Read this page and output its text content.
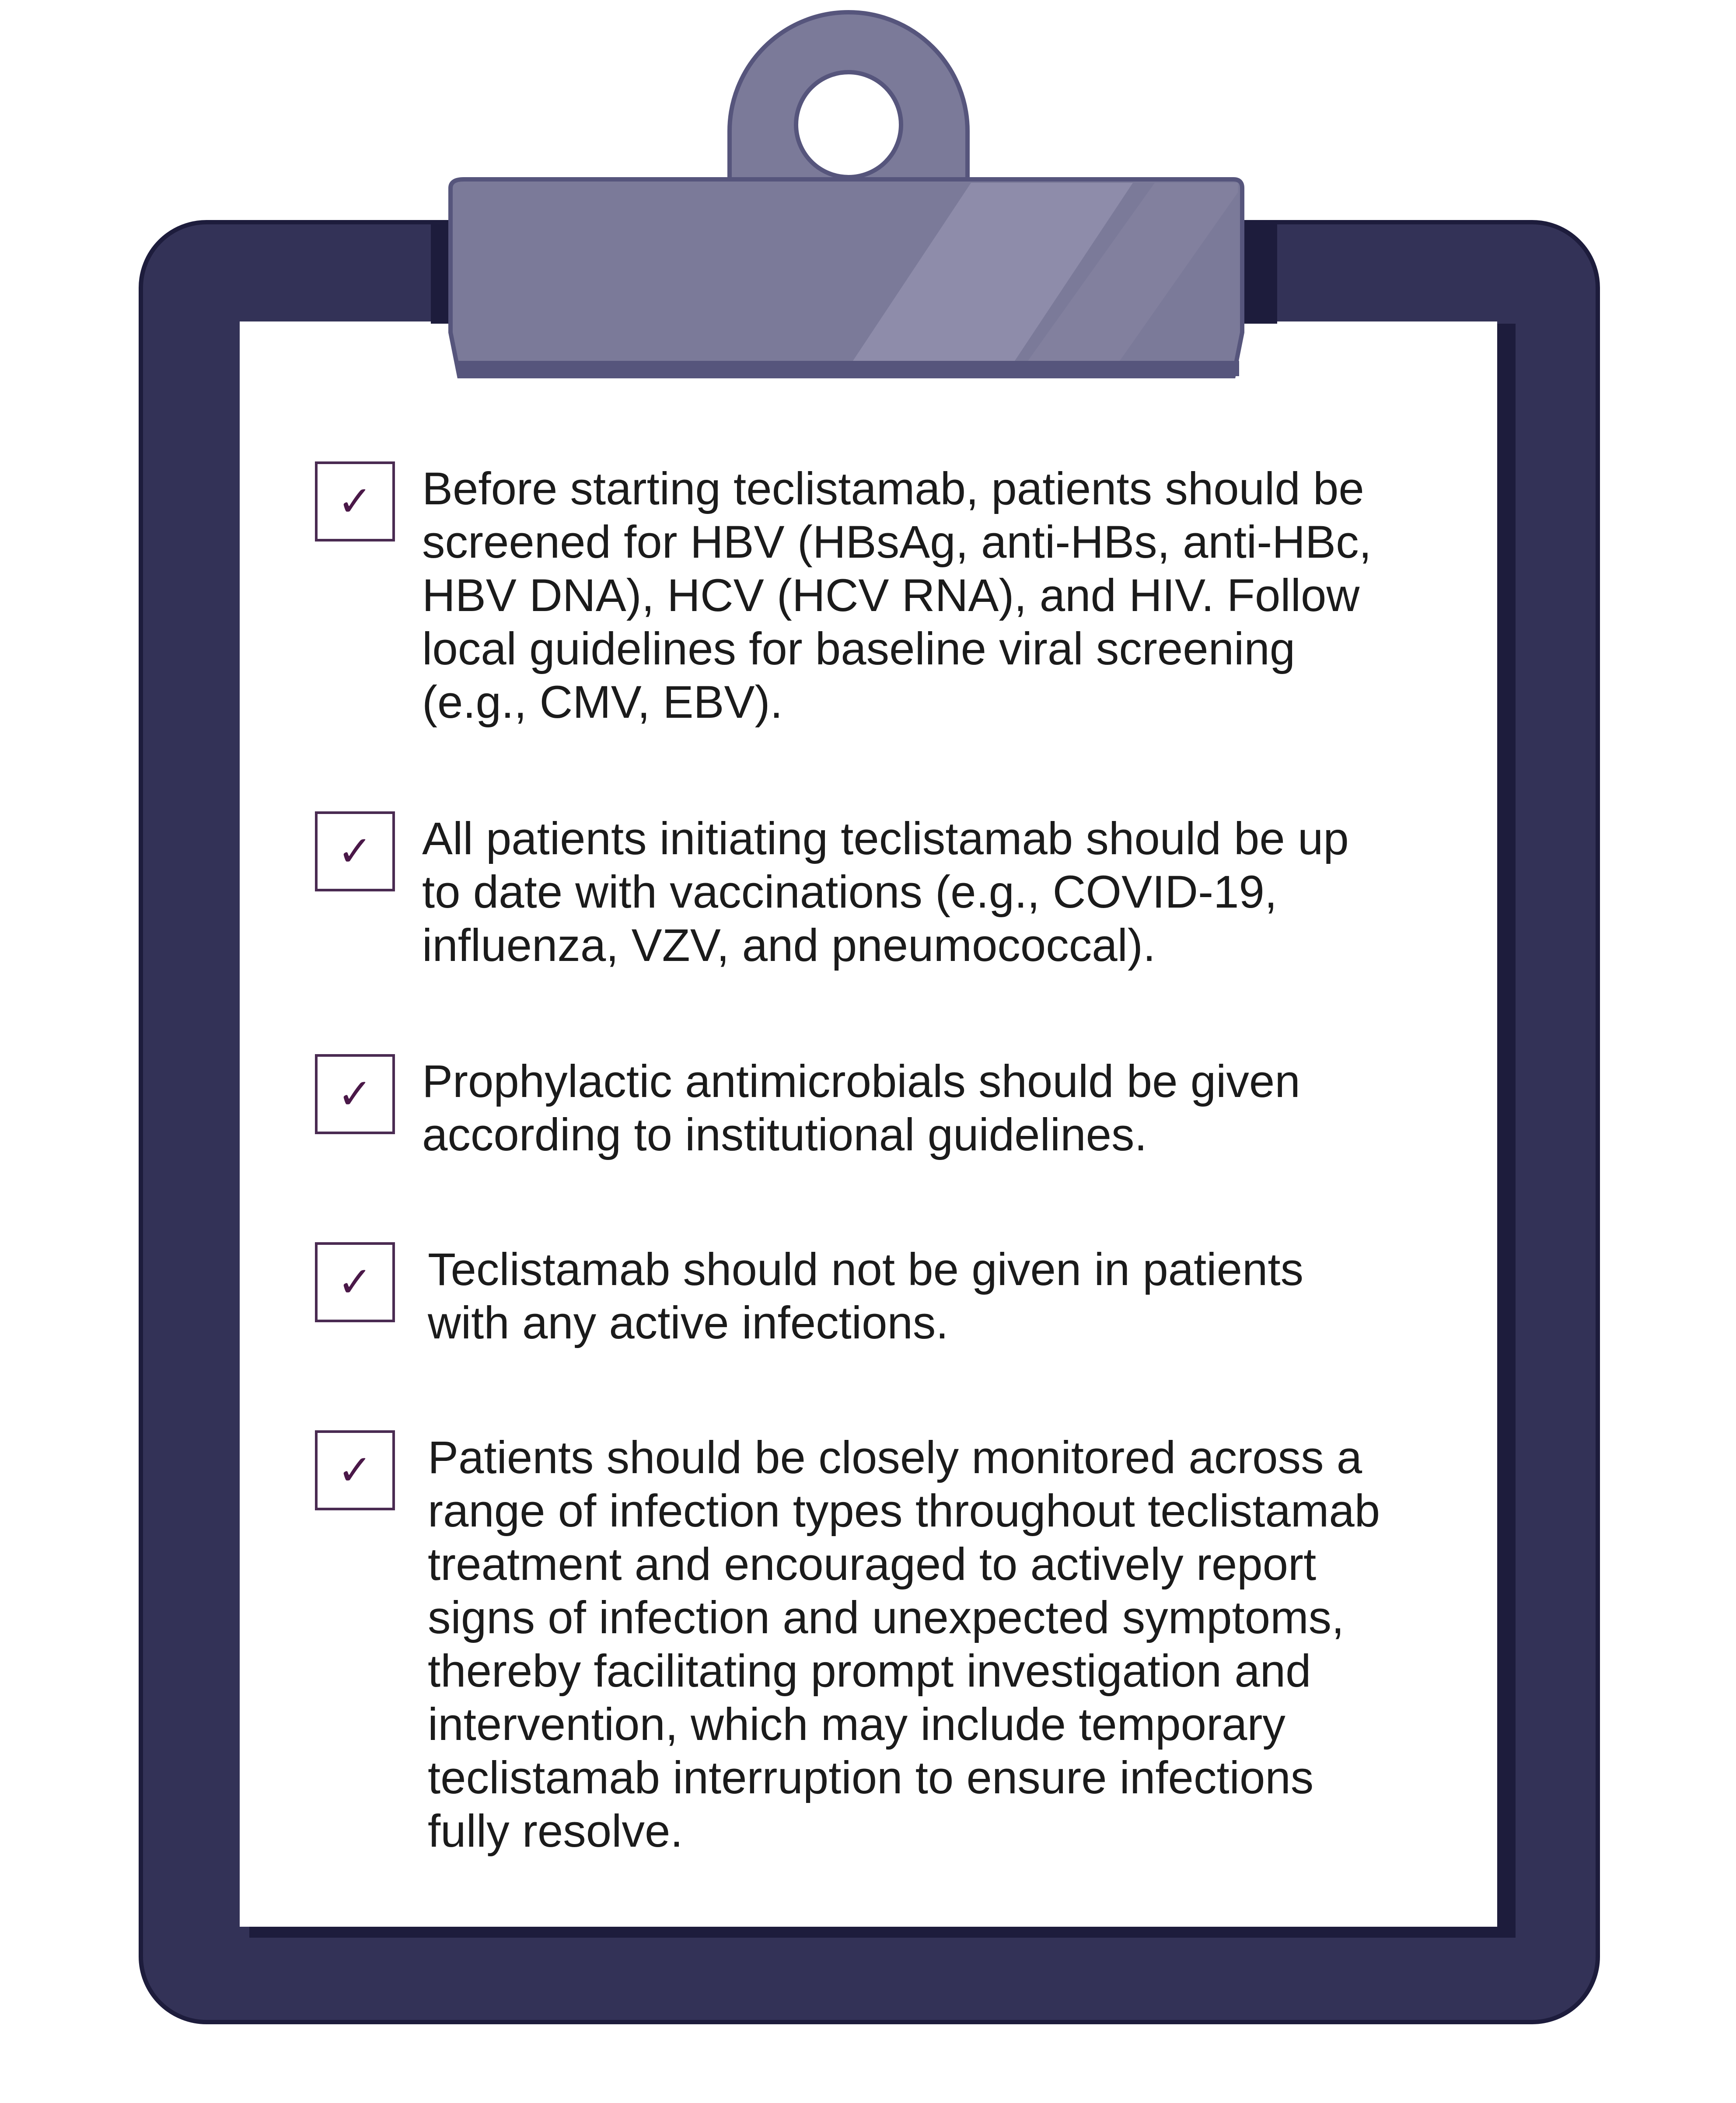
✓	Before starting teclistamab, patients should be
screened for HBV (HBsAg, anti-HBs, anti-HBc,
HBV DNA), HCV (HCV RNA), and HIV. Follow
local guidelines for baseline viral screening
(e.g., CMV, EBV).

✓	All patients initiating teclistamab should be up
to date with vaccinations (e.g., COVID-19,
influenza, VZV, and pneumococcal).

✓	Prophylactic antimicrobials should be given
according to institutional guidelines.

✓	Teclistamab should not be given in patients
with any active infections.

✓	Patients should be closely monitored across a
range of infection types throughout teclistamab
treatment and encouraged to actively report
signs of infection and unexpected symptoms,
thereby facilitating prompt investigation and
intervention, which may include temporary
teclistamab interruption to ensure infections
fully resolve.
